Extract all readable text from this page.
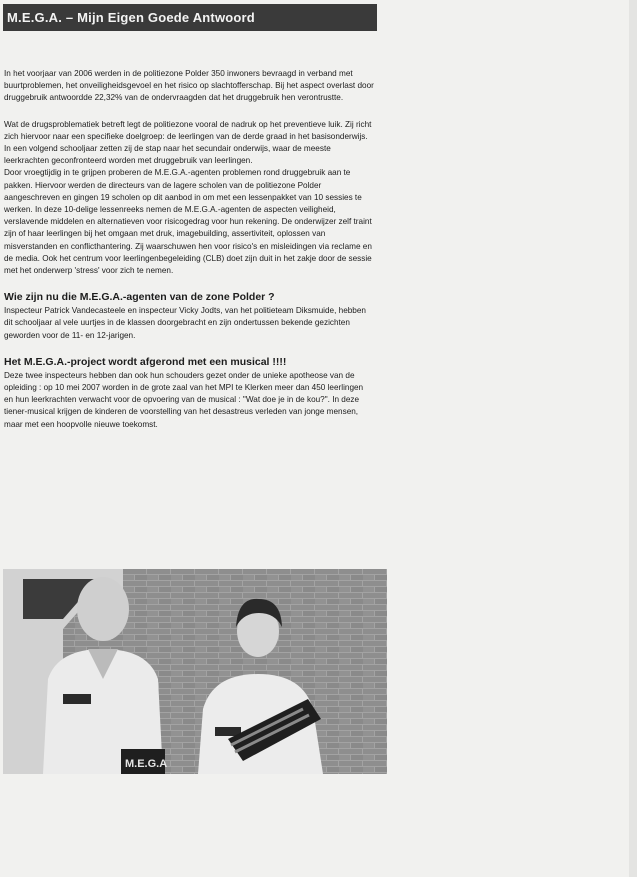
M.E.G.A. – Mijn Eigen Goede Antwoord

In het voorjaar van 2006 werden in de politiezone Polder 350 inwoners bevraagd in verband met buurtproblemen, het onveiligheidsgevoel en het risico op slachtofferschap. Bij het aspect overlast door druggebruik antwoordde 22,32% van de ondervraagden dat het druggebruik hen verontrustte.

Wat de drugsproblematiek betreft legt de politiezone vooral de nadruk op het preventieve luik. Zij richt zich hiervoor naar een specifieke doelgroep: de leerlingen van de derde graad in het basisonderwijs. In een volgend schooljaar zetten zij de stap naar het secundair onderwijs, waar de meeste leerkrachten geconfronteerd worden met druggebruik van leerlingen.

Door vroegtijdig in te grijpen proberen de M.E.G.A.-agenten problemen rond druggebruik aan te pakken. Hiervoor werden de directeurs van de lagere scholen van de politiezone Polder aangeschreven en gingen 19 scholen op dit aanbod in om met een lessenpakket van 10 sessies te werken. In deze 10-delige lessenreeks nemen de M.E.G.A.-agenten de aspecten veiligheid, verslavende middelen en alternatieven voor risicogedrag voor hun rekening. De onderwijzer zelf traint zijn of haar leerlingen bij het omgaan met druk, imagebuilding, assertiviteit, oplossen van misverstanden en conflicthantering. Zij waarschuwen hen voor risico's en misleidingen via reclame en de media. Ook het centrum voor leerlingenbegeleiding (CLB) doet zijn duit in het zakje door de sessie met het onderwerp 'stress' voor zich te nemen.

Wie zijn nu die M.E.G.A.-agenten van de zone Polder ?

Inspecteur Patrick Vandecasteele en inspecteur Vicky Jodts, van het politieteam Diksmuide, hebben dit schooljaar al vele uurtjes in de klassen doorgebracht en zijn ondertussen bekende gezichten geworden voor de 11- en 12-jarigen.

Het M.E.G.A.-project wordt afgerond met een musical !!!!

Deze twee inspecteurs hebben dan ook hun schouders gezet onder de unieke apotheose van de opleiding : op 10 mei 2007 worden in de grote zaal van het MPI te Klerken meer dan 450 leerlingen en hun leerkrachten verwacht voor de opvoering van de musical : "Wat doe je in de kou?". In deze tiener-musical krijgen de kinderen de voorstelling van het desastreus verleden van jonge mensen, maar met een hoopvolle nieuwe toekomst.

M.E.G.A
